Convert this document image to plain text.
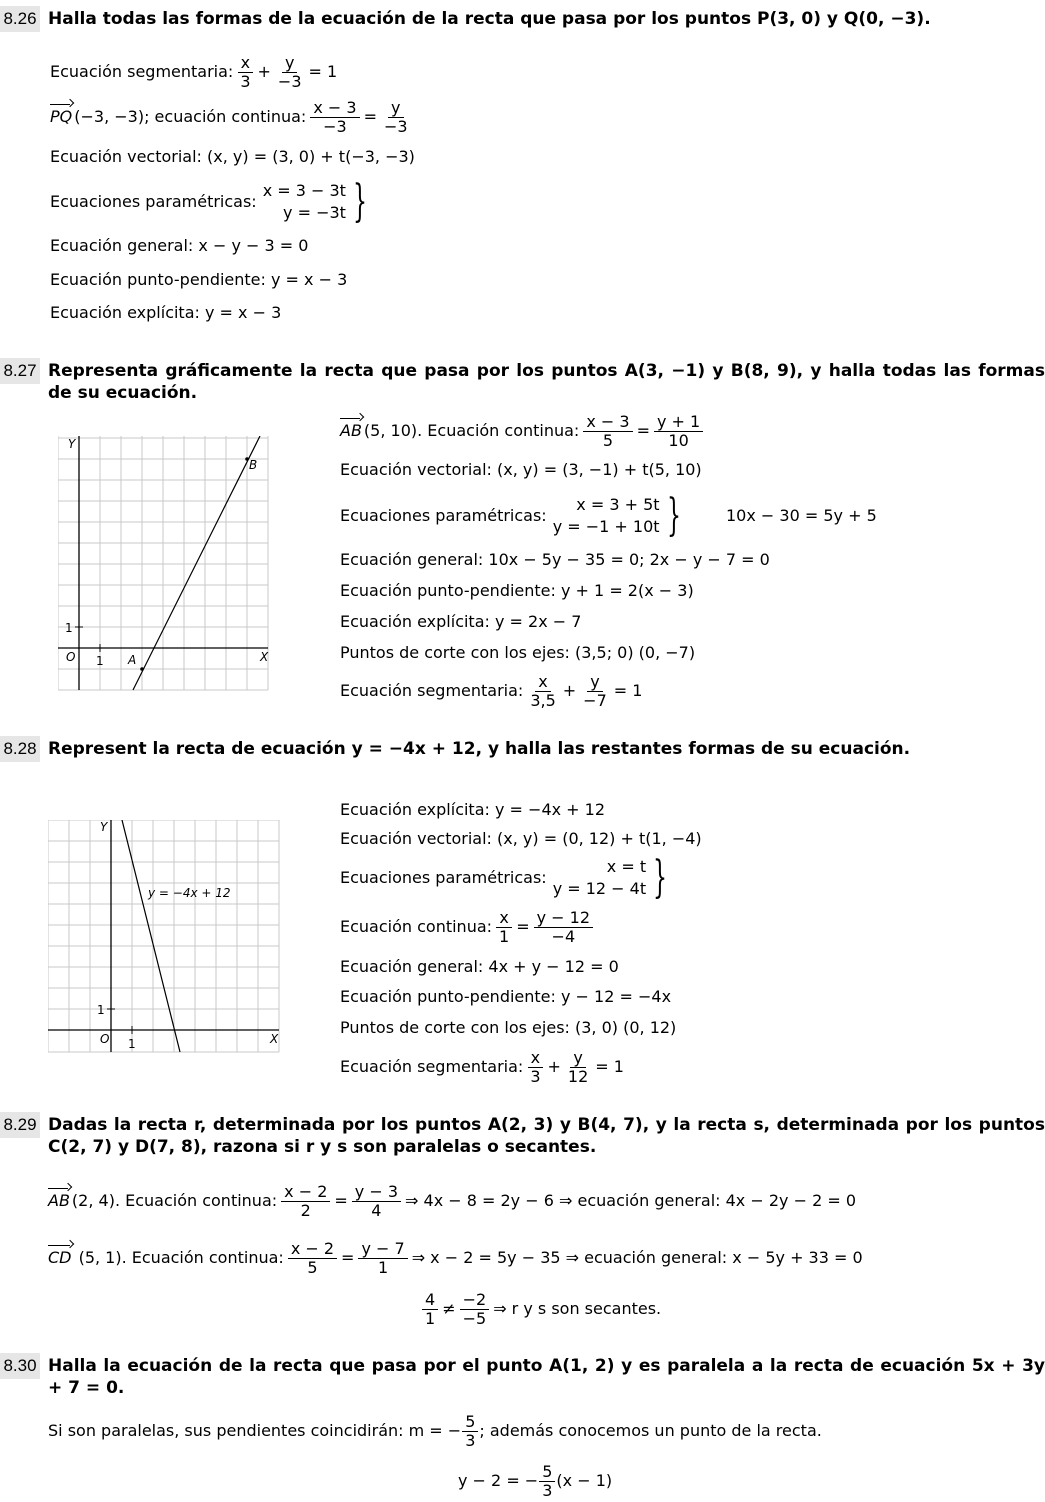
8.26 Halla todas las formas de la ecuación de la recta que pasa por los puntos P(3, 0) y Q(0, −3).
Ecuación segmentaria: $\frac{x}{3} + \frac{y}{-3} = 1$
PQ (−3, −3); ecuación continua: $\frac{x - 3}{-3} = \frac{y}{-3}$
Ecuación vectorial: (x, y) = (3, 0) + t(−3, −3)
Ecuaciones paramétricas:
x = 3 − 3t
y = −3t }
Ecuación general: x − y − 3 = 0
Ecuación punto-pendiente: y = x − 3
Ecuación explícita: y = x − 3
8.27 Representa gráficamente la recta que pasa por los puntos A(3, −1) y B(8, 9), y halla todas las formas de su ecuación.
Y
X
O 1
1
A
B
AB (5, 10). Ecuación continua: $\frac{x - 3}{5} = \frac{y + 1}{10}$
Ecuación vectorial: (x, y) = (3, −1) + t(5, 10)
Ecuaciones paramétricas:
x = 3 + 5t
y = −1 + 10t }	10x − 30 = 5y + 5
Ecuación general: 10x − 5y − 35 = 0; 2x − y − 7 = 0
Ecuación punto-pendiente: y + 1 = 2(x − 3)
Ecuación explícita: y = 2x − 7
Puntos de corte con los ejes: (3,5; 0) (0, −7)
Ecuación segmentaria: $\frac{x}{3,5} + \frac{y}{-7} = 1$
8.28 Represent la recta de ecuación y = −4x + 12, y halla las restantes formas de su ecuación.
Y
X
O 1
1
y = −4x + 12
Ecuación explícita: y = −4x + 12
Ecuación vectorial: (x, y) = (0, 12) + t(1, −4)
Ecuaciones paramétricas:
x = t
y = 12 − 4t }
Ecuación continua: $\frac{x}{1} = \frac{y - 12}{-4}$
Ecuación general: 4x + y − 12 = 0
Ecuación punto-pendiente: y − 12 = −4x
Puntos de corte con los ejes: (3, 0) (0, 12)
Ecuación segmentaria: $\frac{x}{3} + \frac{y}{12} = 1$
8.29 Dadas la recta r, determinada por los puntos A(2, 3) y B(4, 7), y la recta s, determinada por los puntos C(2, 7) y D(7, 8), razona si r y s son paralelas o secantes.
AB (2, 4). Ecuación continua: $\frac{x - 2}{2} = \frac{y - 3}{4}$ ⇒ 4x − 8 = 2y − 6 ⇒ ecuación general: 4x − 2y − 2 = 0
CD (5, 1). Ecuación continua: $\frac{x - 2}{5} = \frac{y - 7}{1}$ ⇒ x − 2 = 5y − 35 ⇒ ecuación general: x − 5y + 33 = 0
$\frac{4}{1} \ne \frac{-2}{-5}$ ⇒ r y s son secantes.
8.30 Halla la ecuación de la recta que pasa por el punto A(1, 2) y es paralela a la recta de ecuación 5x + 3y + 7 = 0.
Si son paralelas, sus pendientes coincidirán: m = − $\frac{5}{3}$ ; además conocemos un punto de la recta.
y − 2 = − $\frac{5}{3} (x - 1)$
